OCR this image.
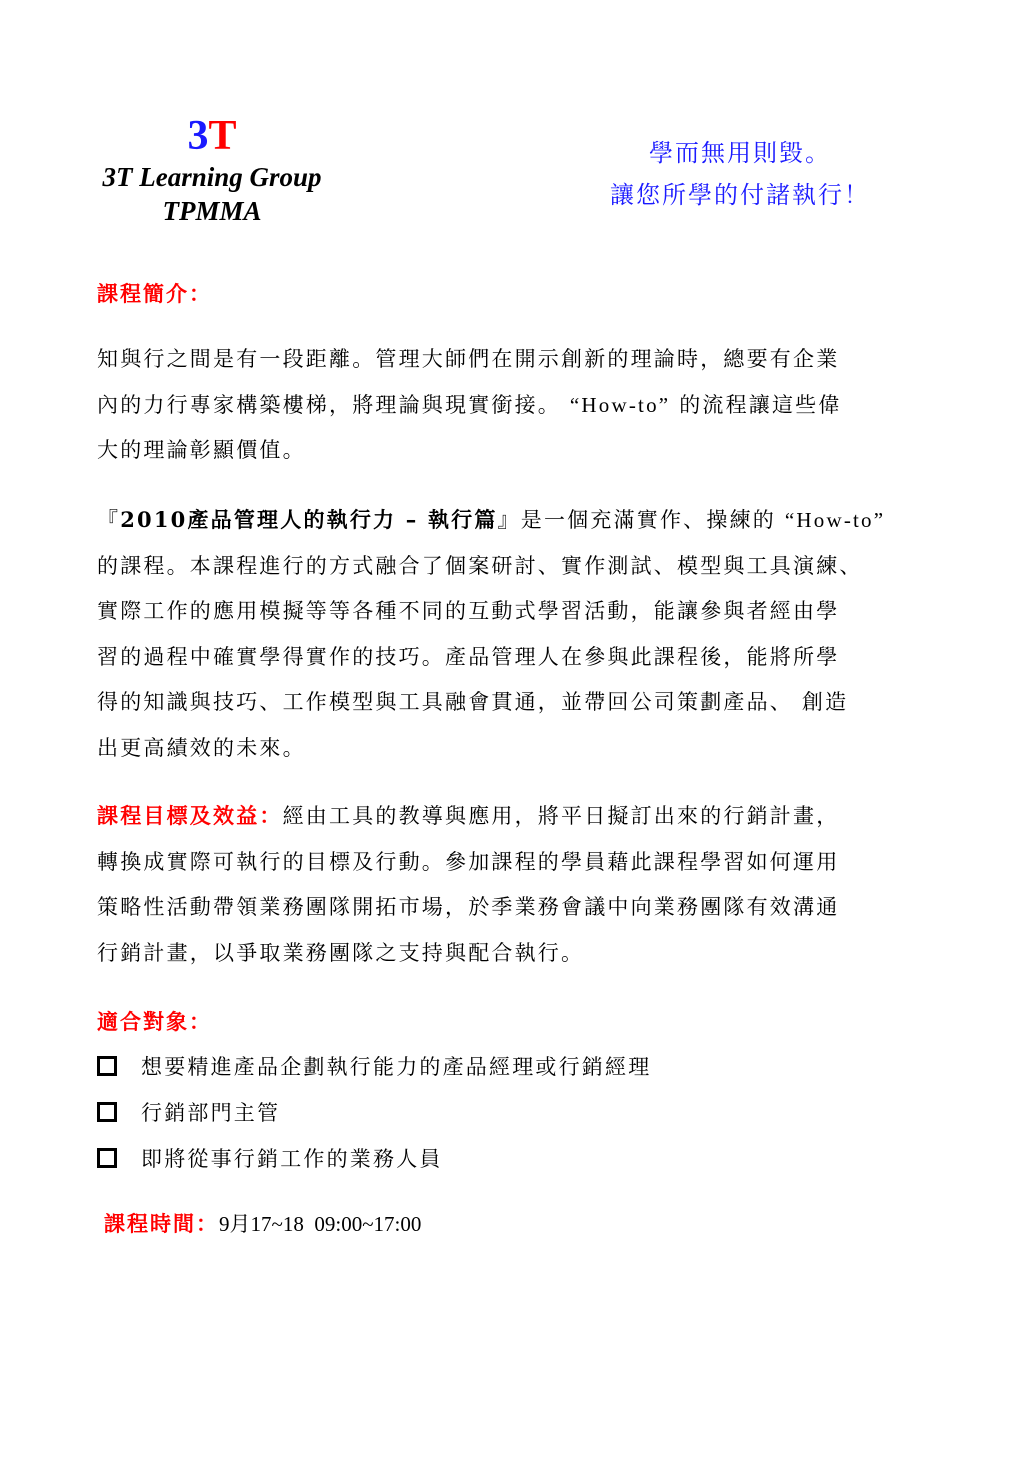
3T
3T Learning Group
TPMMA
學而無用則毀。
讓您所學的付諸執行！
課程簡介：
知與行之間是有一段距離。管理大師們在開示創新的理論時，總要有企業
內的力行專家構築樓梯，將理論與現實銜接。 “How-to” 的流程讓這些偉
大的理論彰顯價值。
『2010產品管理人的執行力 – 執行篇』是一個充滿實作、操練的 “How-to”
的課程。本課程進行的方式融合了個案研討、實作測試、模型與工具演練、
實際工作的應用模擬等等各種不同的互動式學習活動，能讓參與者經由學
習的過程中確實學得實作的技巧。產品管理人在參與此課程後，能將所學
得的知識與技巧、工作模型與工具融會貫通，並帶回公司策劃產品、 創造
出更高績效的未來。
課程目標及效益：經由工具的教導與應用，將平日擬訂出來的行銷計畫，
轉換成實際可執行的目標及行動。參加課程的學員藉此課程學習如何運用
策略性活動帶領業務團隊開拓市場，於季業務會議中向業務團隊有效溝通
行銷計畫，以爭取業務團隊之支持與配合執行。
適合對象：
想要精進產品企劃執行能力的產品經理或行銷經理
行銷部門主管
即將從事行銷工作的業務人員
課程時間：9月17~18  09:00~17:00
